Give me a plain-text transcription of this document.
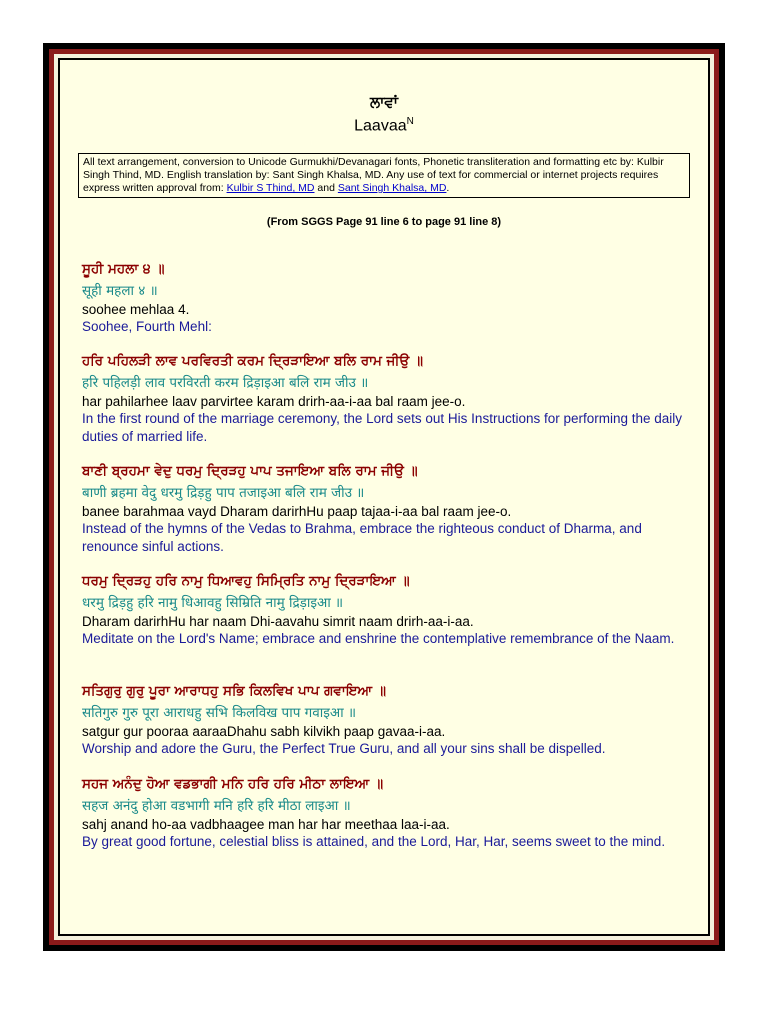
ਲਾਵਾਂ
Laavaa$^N$
All text arrangement, conversion to Unicode Gurmukhi/Devanagari fonts, Phonetic transliteration and formatting etc by: Kulbir Singh Thind, MD. English translation by: Sant Singh Khalsa, MD. Any use of text for commercial or internet projects requires express written approval from: Kulbir S Thind, MD and Sant Singh Khalsa, MD.
(From SGGS Page 91 line 6 to page 91 line 8)
ਸੂਹੀ ਮਹਲਾ ੪ ॥
सूही महला ४ ॥
soohee mehlaa 4.
Soohee, Fourth Mehl:
ਹਰਿ ਪਹਿਲੜੀ ਲਾਵ ਪਰਵਿਰਤੀ ਕਰਮ ਦ੍ਰਿੜਾਇਆ ਬਲਿ ਰਾਮ ਜੀਉ ॥
हरि पहिलड़ी लाव परविरती करम द्रिड़ाइआ बलि राम जीउ ॥
har pahilarhee laav parvirtee karam drirh-aa-i-aa bal raam jee-o.
In the first round of the marriage ceremony, the Lord sets out His Instructions for performing the daily duties of married life.
ਬਾਣੀ ਬ੍ਰਹਮਾ ਵੇਦੁ ਧਰਮੁ ਦ੍ਰਿੜਹੁ ਪਾਪ ਤਜਾਇਆ ਬਲਿ ਰਾਮ ਜੀਉ ॥
बाणी ब्रहमा वेदु धरमु द्रिड़हु पाप तजाइआ बलि राम जीउ ॥
banee barahmaa vayd Dharam darirhHu paap tajaa-i-aa bal raam jee-o.
Instead of the hymns of the Vedas to Brahma, embrace the righteous conduct of Dharma, and renounce sinful actions.
ਧਰਮੁ ਦ੍ਰਿੜਹੁ ਹਰਿ ਨਾਮੁ ਧਿਆਵਹੁ ਸਿਮ੍ਰਿਤਿ ਨਾਮੁ ਦ੍ਰਿੜਾਇਆ ॥
धरमु द्रिड़हु हरि नामु धिआवहु सिम्रिति नामु द्रिड़ाइआ ॥
Dharam darirhHu har naam Dhi-aavahu simrit naam drirh-aa-i-aa.
Meditate on the Lord's Name; embrace and enshrine the contemplative remembrance of the Naam.
ਸਤਿਗੁਰੁ ਗੁਰੁ ਪੂਰਾ ਆਰਾਧਹੁ ਸਭਿ ਕਿਲਵਿਖ ਪਾਪ ਗਵਾਇਆ ॥
सतिगुरु गुरु पूरा आराधहु सभि किलविख पाप गवाइआ ॥
satgur gur pooraa aaraaDhahu sabh kilvikh paap gavaa-i-aa.
Worship and adore the Guru, the Perfect True Guru, and all your sins shall be dispelled.
ਸਹਜ ਅਨੰਦੁ ਹੋਆ ਵਡਭਾਗੀ ਮਨਿ ਹਰਿ ਹਰਿ ਮੀਠਾ ਲਾਇਆ ॥
सहज अनंदु होआ वडभागी मनि हरि हरि मीठा लाइआ ॥
sahj anand ho-aa vadbhaagee man har har meethaa laa-i-aa.
By great good fortune, celestial bliss is attained, and the Lord, Har, Har, seems sweet to the mind.
